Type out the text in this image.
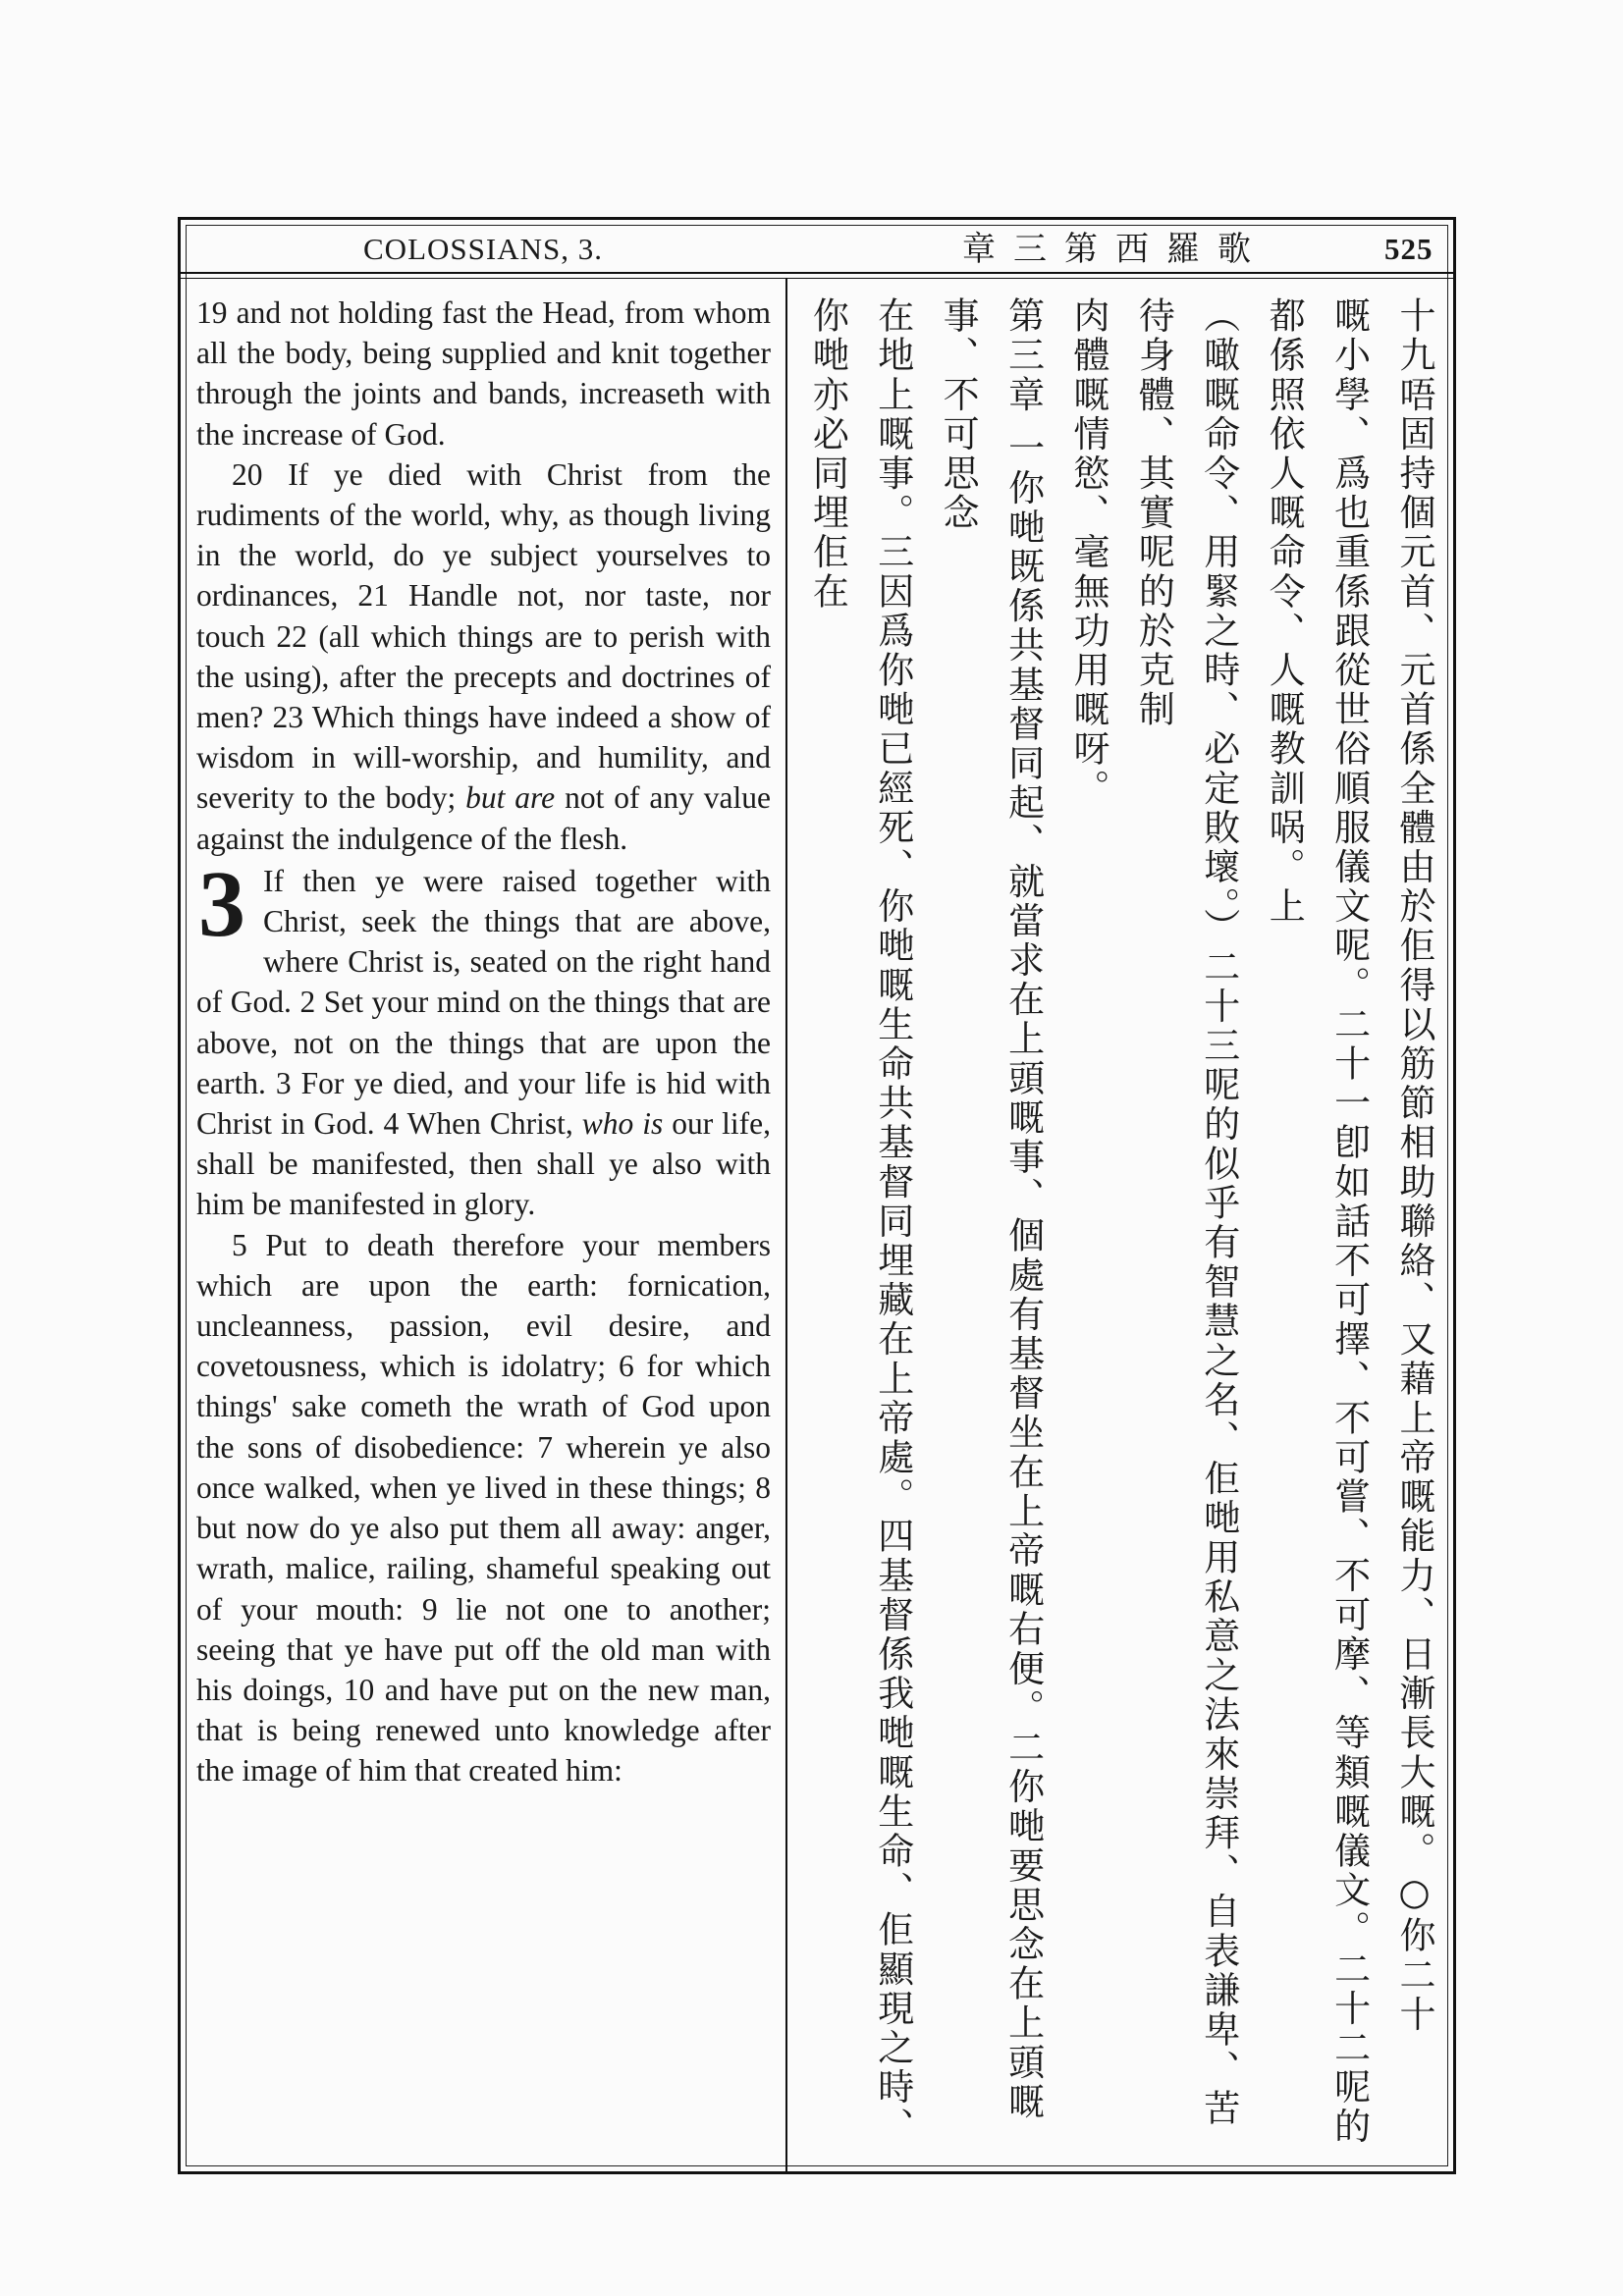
COLOSSIANS, 3.	章三第西羅歌	525

19 and not holding fast the Head, from whom all the body, being supplied and knit together through the joints and bands, increaseth with the increase of God.

20 If ye died with Christ from the rudiments of the world, why, as though living in the world, do ye subject yourselves to ordinances, 21 Handle not, nor taste, nor touch 22 (all which things are to perish with the using), after the precepts and doctrines of men? 23 Which things have indeed a show of wisdom in will-worship, and humility, and severity to the body; but are not of any value against the indulgence of the flesh.

3 If then ye were raised together with Christ, seek the things that are above, where Christ is, seated on the right hand of God. 2 Set your mind on the things that are above, not on the things that are upon the earth. 3 For ye died, and your life is hid with Christ in God. 4 When Christ, who is our life, shall be manifested, then shall ye also with him be manifested in glory.

5 Put to death therefore your members which are upon the earth: fornication, uncleanness, passion, evil desire, and covetousness, which is idolatry; 6 for which things' sake cometh the wrath of God upon the sons of disobedience: 7 wherein ye also once walked, when ye lived in these things; 8 but now do ye also put them all away: anger, wrath, malice, railing, shameful speaking out of your mouth: 9 lie not one to another; seeing that ye have put off the old man with his doings, 10 and have put on the new man, that is being renewed unto knowledge after the image of him that created him:	十九唔固持個元首、元首係全體由於佢得以筋節相助聯絡、又藉上帝嘅能力、日漸長大嘅。○你二十
嘅小學、爲也重係跟從世俗順服儀文呢。二十一卽如話不可擇、不可嘗、不可摩、等類嘅儀文。二十二呢的都係照依人嘅命令、人嘅教訓㖞。上
（噉嘅命令、用緊之時、必定敗壞。）二十三呢的似乎有智慧之名、佢哋用私意之法來崇拜、自表謙卑、苦待身體、其實呢的於克制
肉體嘅情慾、毫無功用嘅呀。
第三章 一你哋既係共基督同起、就當求在上頭嘅事、個處有基督坐在上帝嘅右便。二你哋要思念在上頭嘅事、不可思念
在地上嘅事。三因爲你哋已經死、你哋嘅生命共基督同埋藏在上帝處。四基督係我哋嘅生命、佢顯現之時、你哋亦必同埋佢在
